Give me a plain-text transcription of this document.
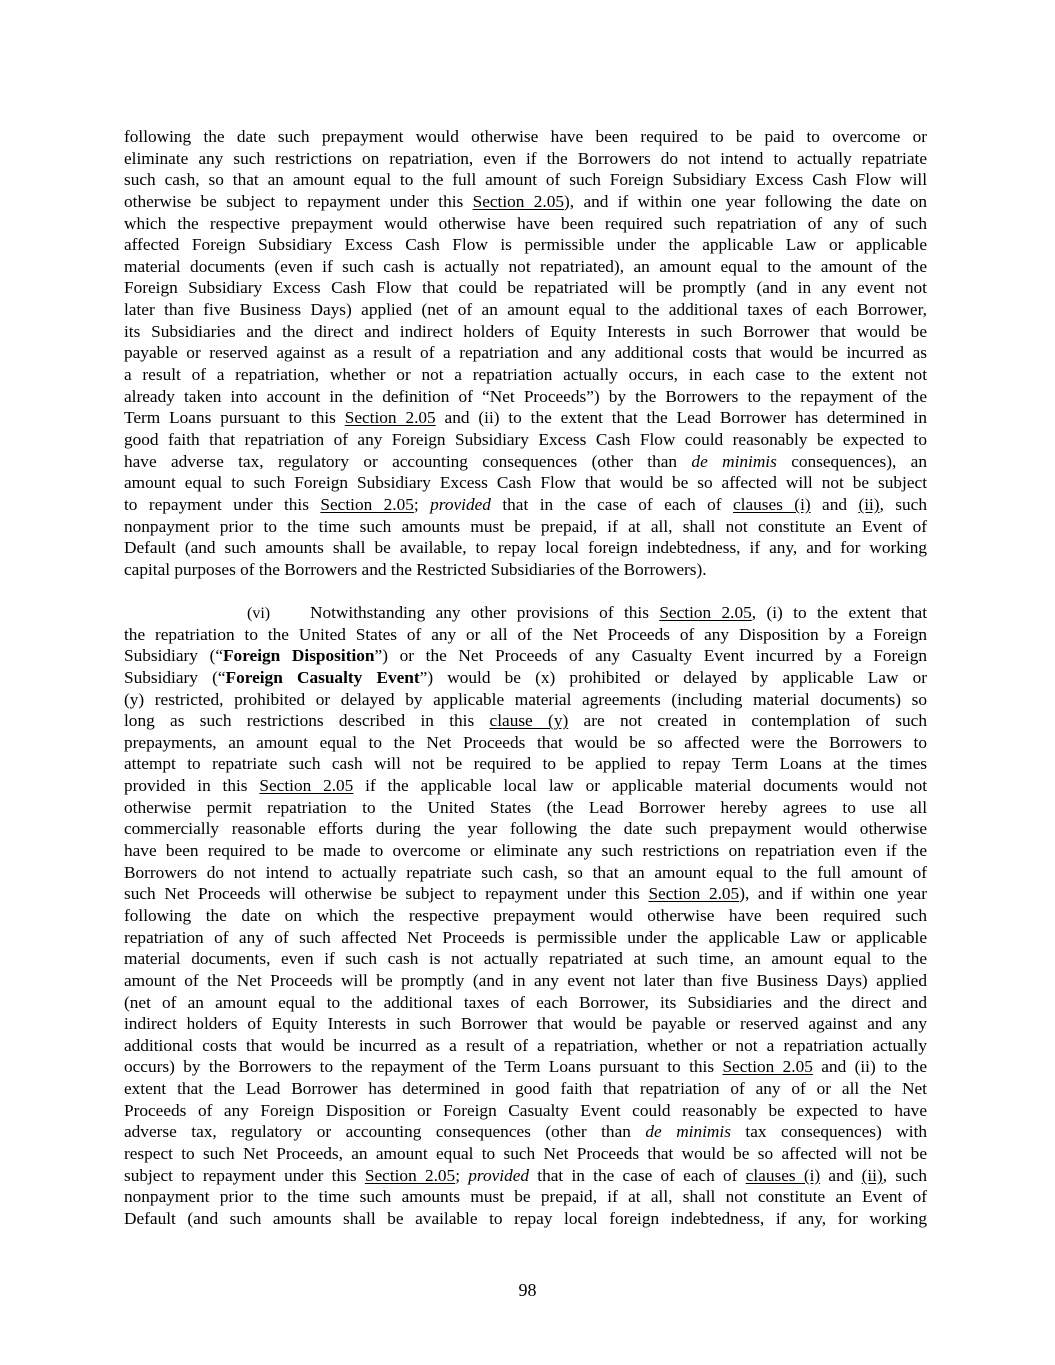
following the date such prepayment would otherwise have been required to be paid to overcome or
eliminate any such restrictions on repatriation, even if the Borrowers do not intend to actually repatriate
such cash, so that an amount equal to the full amount of such Foreign Subsidiary Excess Cash Flow will
otherwise be subject to repayment under this Section 2.05), and if within one year following the date on
which the respective prepayment would otherwise have been required such repatriation of any of such
affected Foreign Subsidiary Excess Cash Flow is permissible under the applicable Law or applicable
material documents (even if such cash is actually not repatriated), an amount equal to the amount of the
Foreign Subsidiary Excess Cash Flow that could be repatriated will be promptly (and in any event not
later than five Business Days) applied (net of an amount equal to the additional taxes of each Borrower,
its Subsidiaries and the direct and indirect holders of Equity Interests in such Borrower that would be
payable or reserved against as a result of a repatriation and any additional costs that would be incurred as
a result of a repatriation, whether or not a repatriation actually occurs, in each case to the extent not
already taken into account in the definition of “Net Proceeds”) by the Borrowers to the repayment of the
Term Loans pursuant to this Section 2.05 and (ii) to the extent that the Lead Borrower has determined in
good faith that repatriation of any Foreign Subsidiary Excess Cash Flow could reasonably be expected to
have adverse tax, regulatory or accounting consequences (other than de minimis consequences), an
amount equal to such Foreign Subsidiary Excess Cash Flow that would be so affected will not be subject
to repayment under this Section 2.05; provided that in the case of each of clauses (i) and (ii), such
nonpayment prior to the time such amounts must be prepaid, if at all, shall not constitute an Event of
Default (and such amounts shall be available, to repay local foreign indebtedness, if any, and for working
capital purposes of the Borrowers and the Restricted Subsidiaries of the Borrowers).
(vi) Notwithstanding any other provisions of this Section 2.05, (i) to the extent that
the repatriation to the United States of any or all of the Net Proceeds of any Disposition by a Foreign
Subsidiary (“Foreign Disposition”) or the Net Proceeds of any Casualty Event incurred by a Foreign
Subsidiary (“Foreign Casualty Event”) would be (x) prohibited or delayed by applicable Law or
(y) restricted, prohibited or delayed by applicable material agreements (including material documents) so
long as such restrictions described in this clause (y) are not created in contemplation of such
prepayments, an amount equal to the Net Proceeds that would be so affected were the Borrowers to
attempt to repatriate such cash will not be required to be applied to repay Term Loans at the times
provided in this Section 2.05 if the applicable local law or applicable material documents would not
otherwise permit repatriation to the United States (the Lead Borrower hereby agrees to use all
commercially reasonable efforts during the year following the date such prepayment would otherwise
have been required to be made to overcome or eliminate any such restrictions on repatriation even if the
Borrowers do not intend to actually repatriate such cash, so that an amount equal to the full amount of
such Net Proceeds will otherwise be subject to repayment under this Section 2.05), and if within one year
following the date on which the respective prepayment would otherwise have been required such
repatriation of any of such affected Net Proceeds is permissible under the applicable Law or applicable
material documents, even if such cash is not actually repatriated at such time, an amount equal to the
amount of the Net Proceeds will be promptly (and in any event not later than five Business Days) applied
(net of an amount equal to the additional taxes of each Borrower, its Subsidiaries and the direct and
indirect holders of Equity Interests in such Borrower that would be payable or reserved against and any
additional costs that would be incurred as a result of a repatriation, whether or not a repatriation actually
occurs) by the Borrowers to the repayment of the Term Loans pursuant to this Section 2.05 and (ii) to the
extent that the Lead Borrower has determined in good faith that repatriation of any of or all the Net
Proceeds of any Foreign Disposition or Foreign Casualty Event could reasonably be expected to have
adverse tax, regulatory or accounting consequences (other than de minimis tax consequences) with
respect to such Net Proceeds, an amount equal to such Net Proceeds that would be so affected will not be
subject to repayment under this Section 2.05; provided that in the case of each of clauses (i) and (ii), such
nonpayment prior to the time such amounts must be prepaid, if at all, shall not constitute an Event of
Default (and such amounts shall be available to repay local foreign indebtedness, if any, for working
98
